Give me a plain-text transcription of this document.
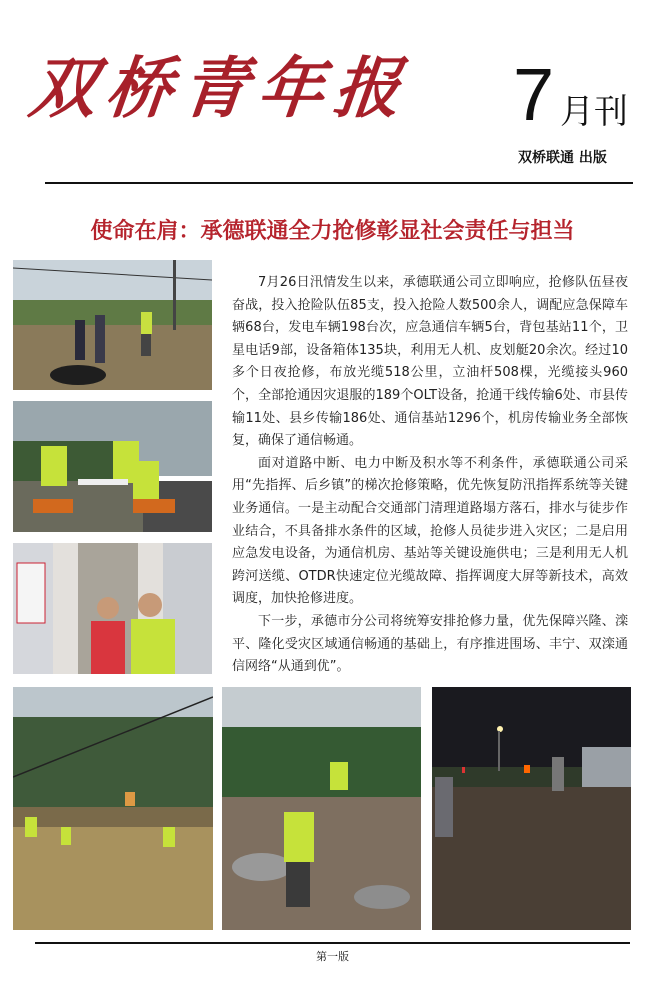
双桥青年报 7 月刊
双桥联通 出版
使命在肩：承德联通全力抢修彰显社会责任与担当

7月26日汛情发生以来，承德联通公司立即响应，抢修队伍昼夜奋战，投入抢险队伍85支，投入抢险人数500余人，调配应急保障车辆68台，发电车辆198台次，应急通信车辆5台，背包基站11个，卫星电话9部，设备箱体135块，利用无人机、皮划艇20余次。经过10多个日夜抢修，布放光缆518公里，立油杆508棵，光缆接头960个，全部抢通因灾退服的189个OLT设备，抢通干线传输6处、市县传输11处、县乡传输186处、通信基站1296个，机房传输业务全部恢复，确保了通信畅通。

面对道路中断、电力中断及积水等不利条件，承德联通公司采用“先指挥、后乡镇”的梯次抢修策略，优先恢复防汛指挥系统等关键业务通信。一是主动配合交通部门清理道路塌方落石，排水与徒步作业结合，不具备排水条件的区域，抢修人员徒步进入灾区；二是启用应急发电设备，为通信机房、基站等关键设施供电；三是利用无人机跨河送缆、OTDR快速定位光缆故障、指挥调度大屏等新技术，高效调度，加快抢修进度。

下一步，承德市分公司将统筹安排抢修力量，优先保障兴隆、滦平、隆化受灾区域通信畅通的基础上，有序推进围场、丰宁、双滦通信网络“从通到优”。

第一版
